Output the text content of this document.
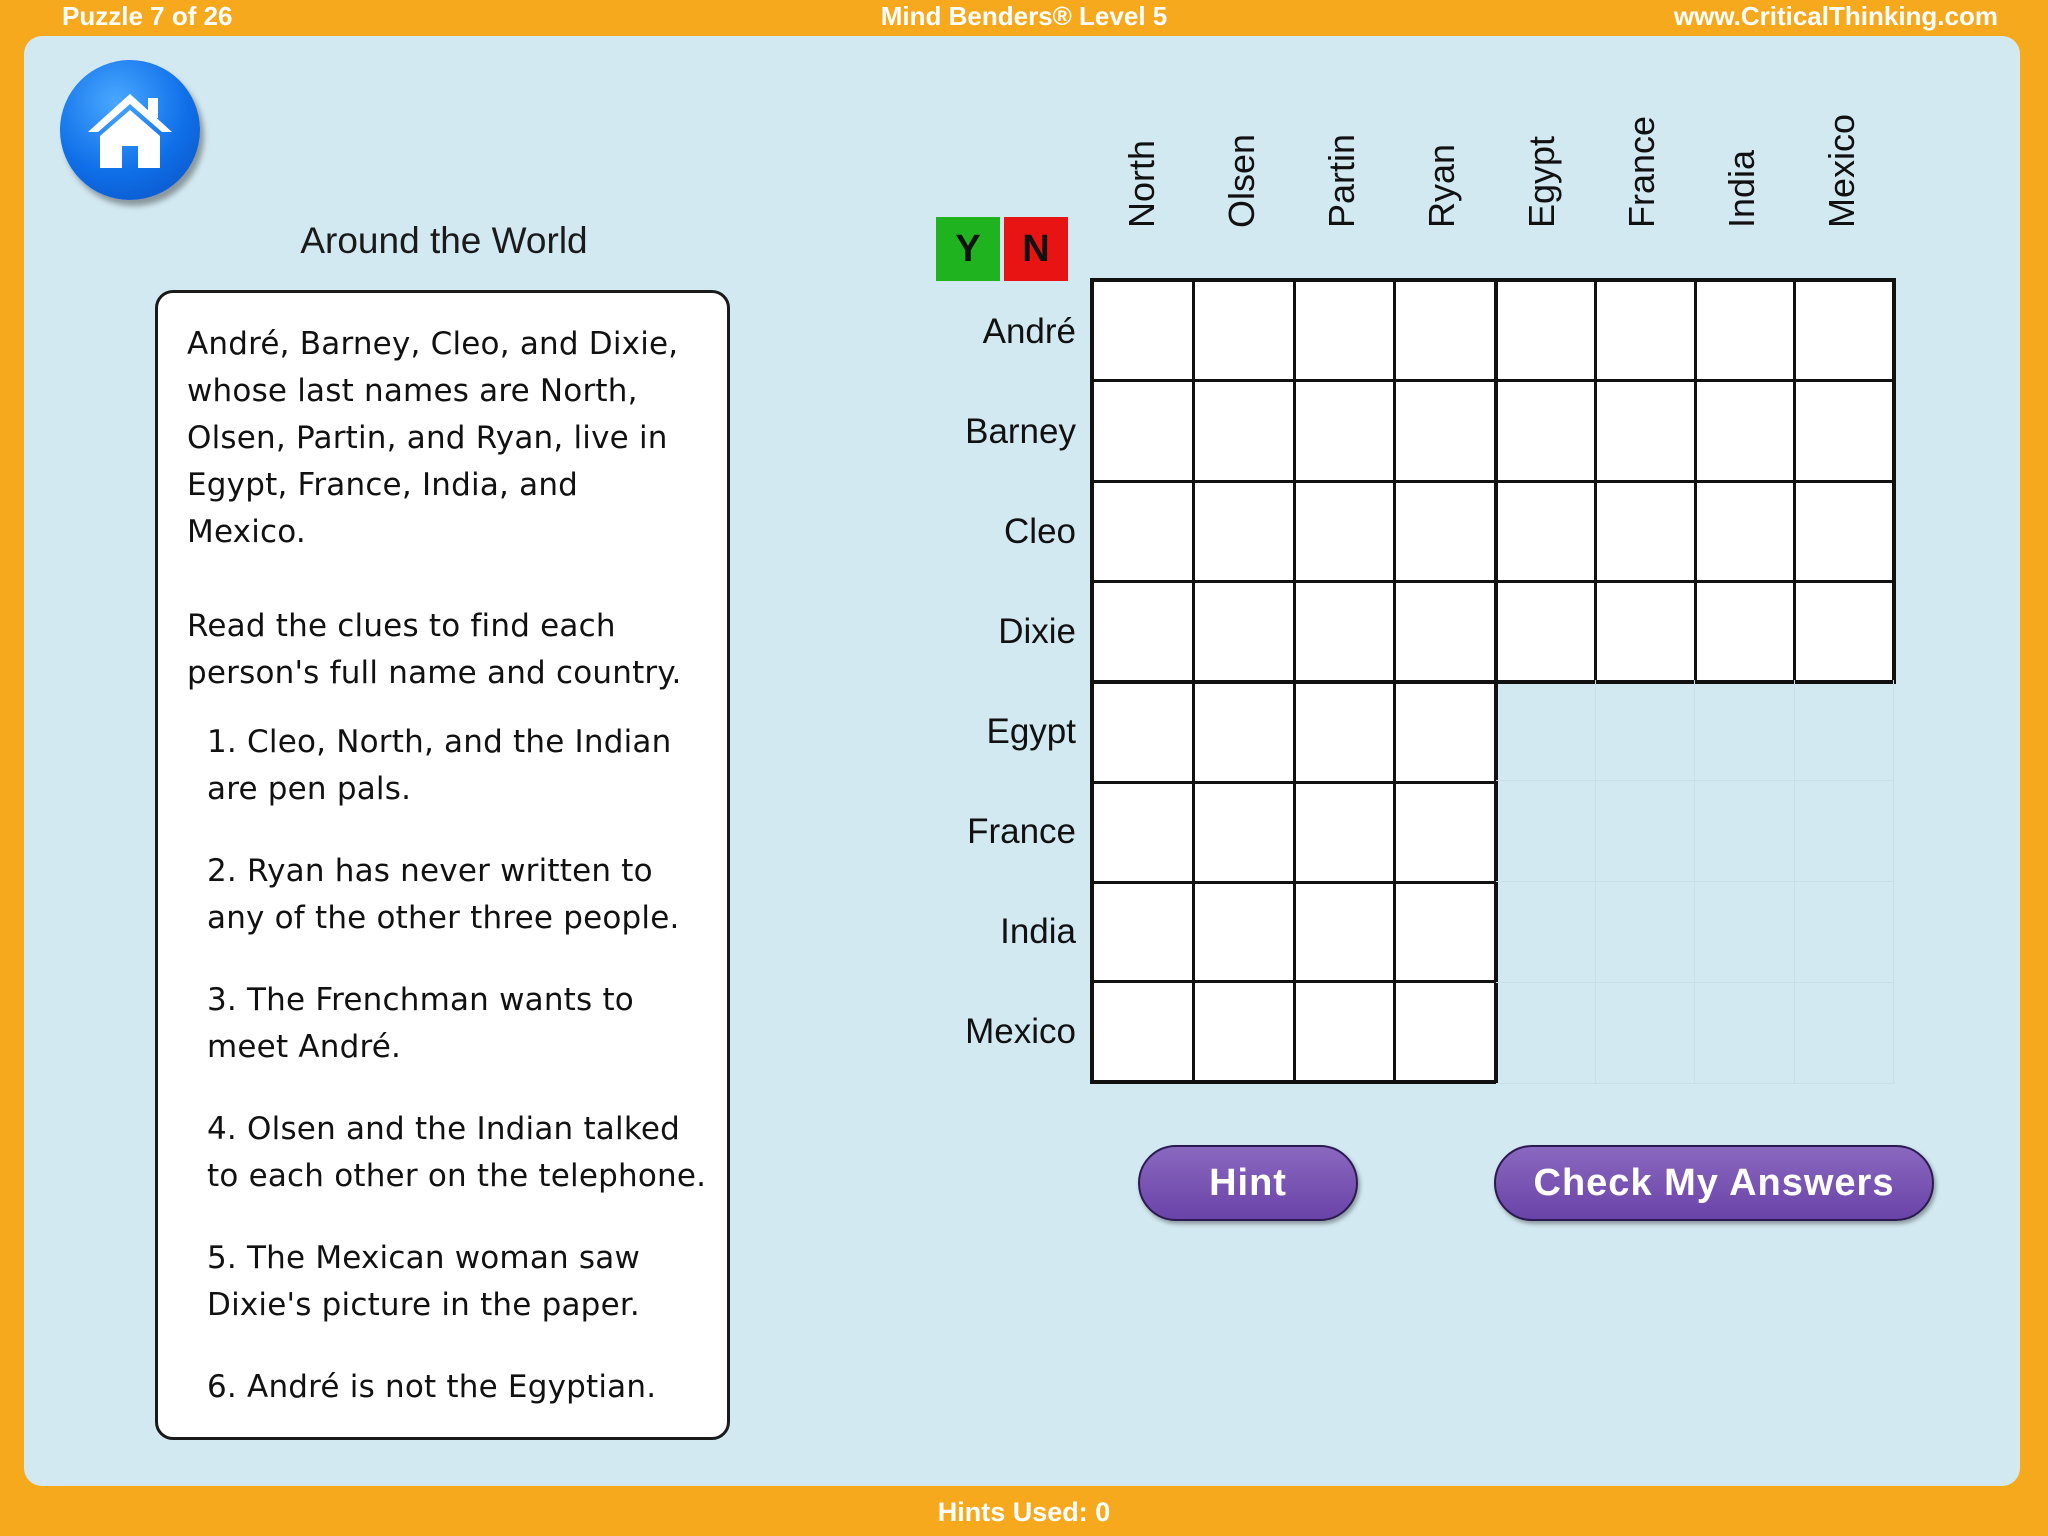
Puzzle 7 of 26	Mind Benders® Level 5	www.CriticalThinking.com
Around the World
André, Barney, Cleo, and Dixie, whose last names are North, Olsen, Partin, and Ryan, live in Egypt, France, India, and Mexico.
Read the clues to find each person's full name and country.
1. Cleo, North, and the Indian are pen pals.
2. Ryan has never written to any of the other three people.
3. The Frenchman wants to meet André.
4. Olsen and the Indian talked to each other on the telephone.
5. The Mexican woman saw Dixie's picture in the paper.
6. André is not the Egyptian.
Y	N
North Olsen Partin Ryan Egypt France India Mexico
André
Barney
Cleo
Dixie
Egypt
France
India
Mexico
Hint	Check My Answers
Hints Used: 0
